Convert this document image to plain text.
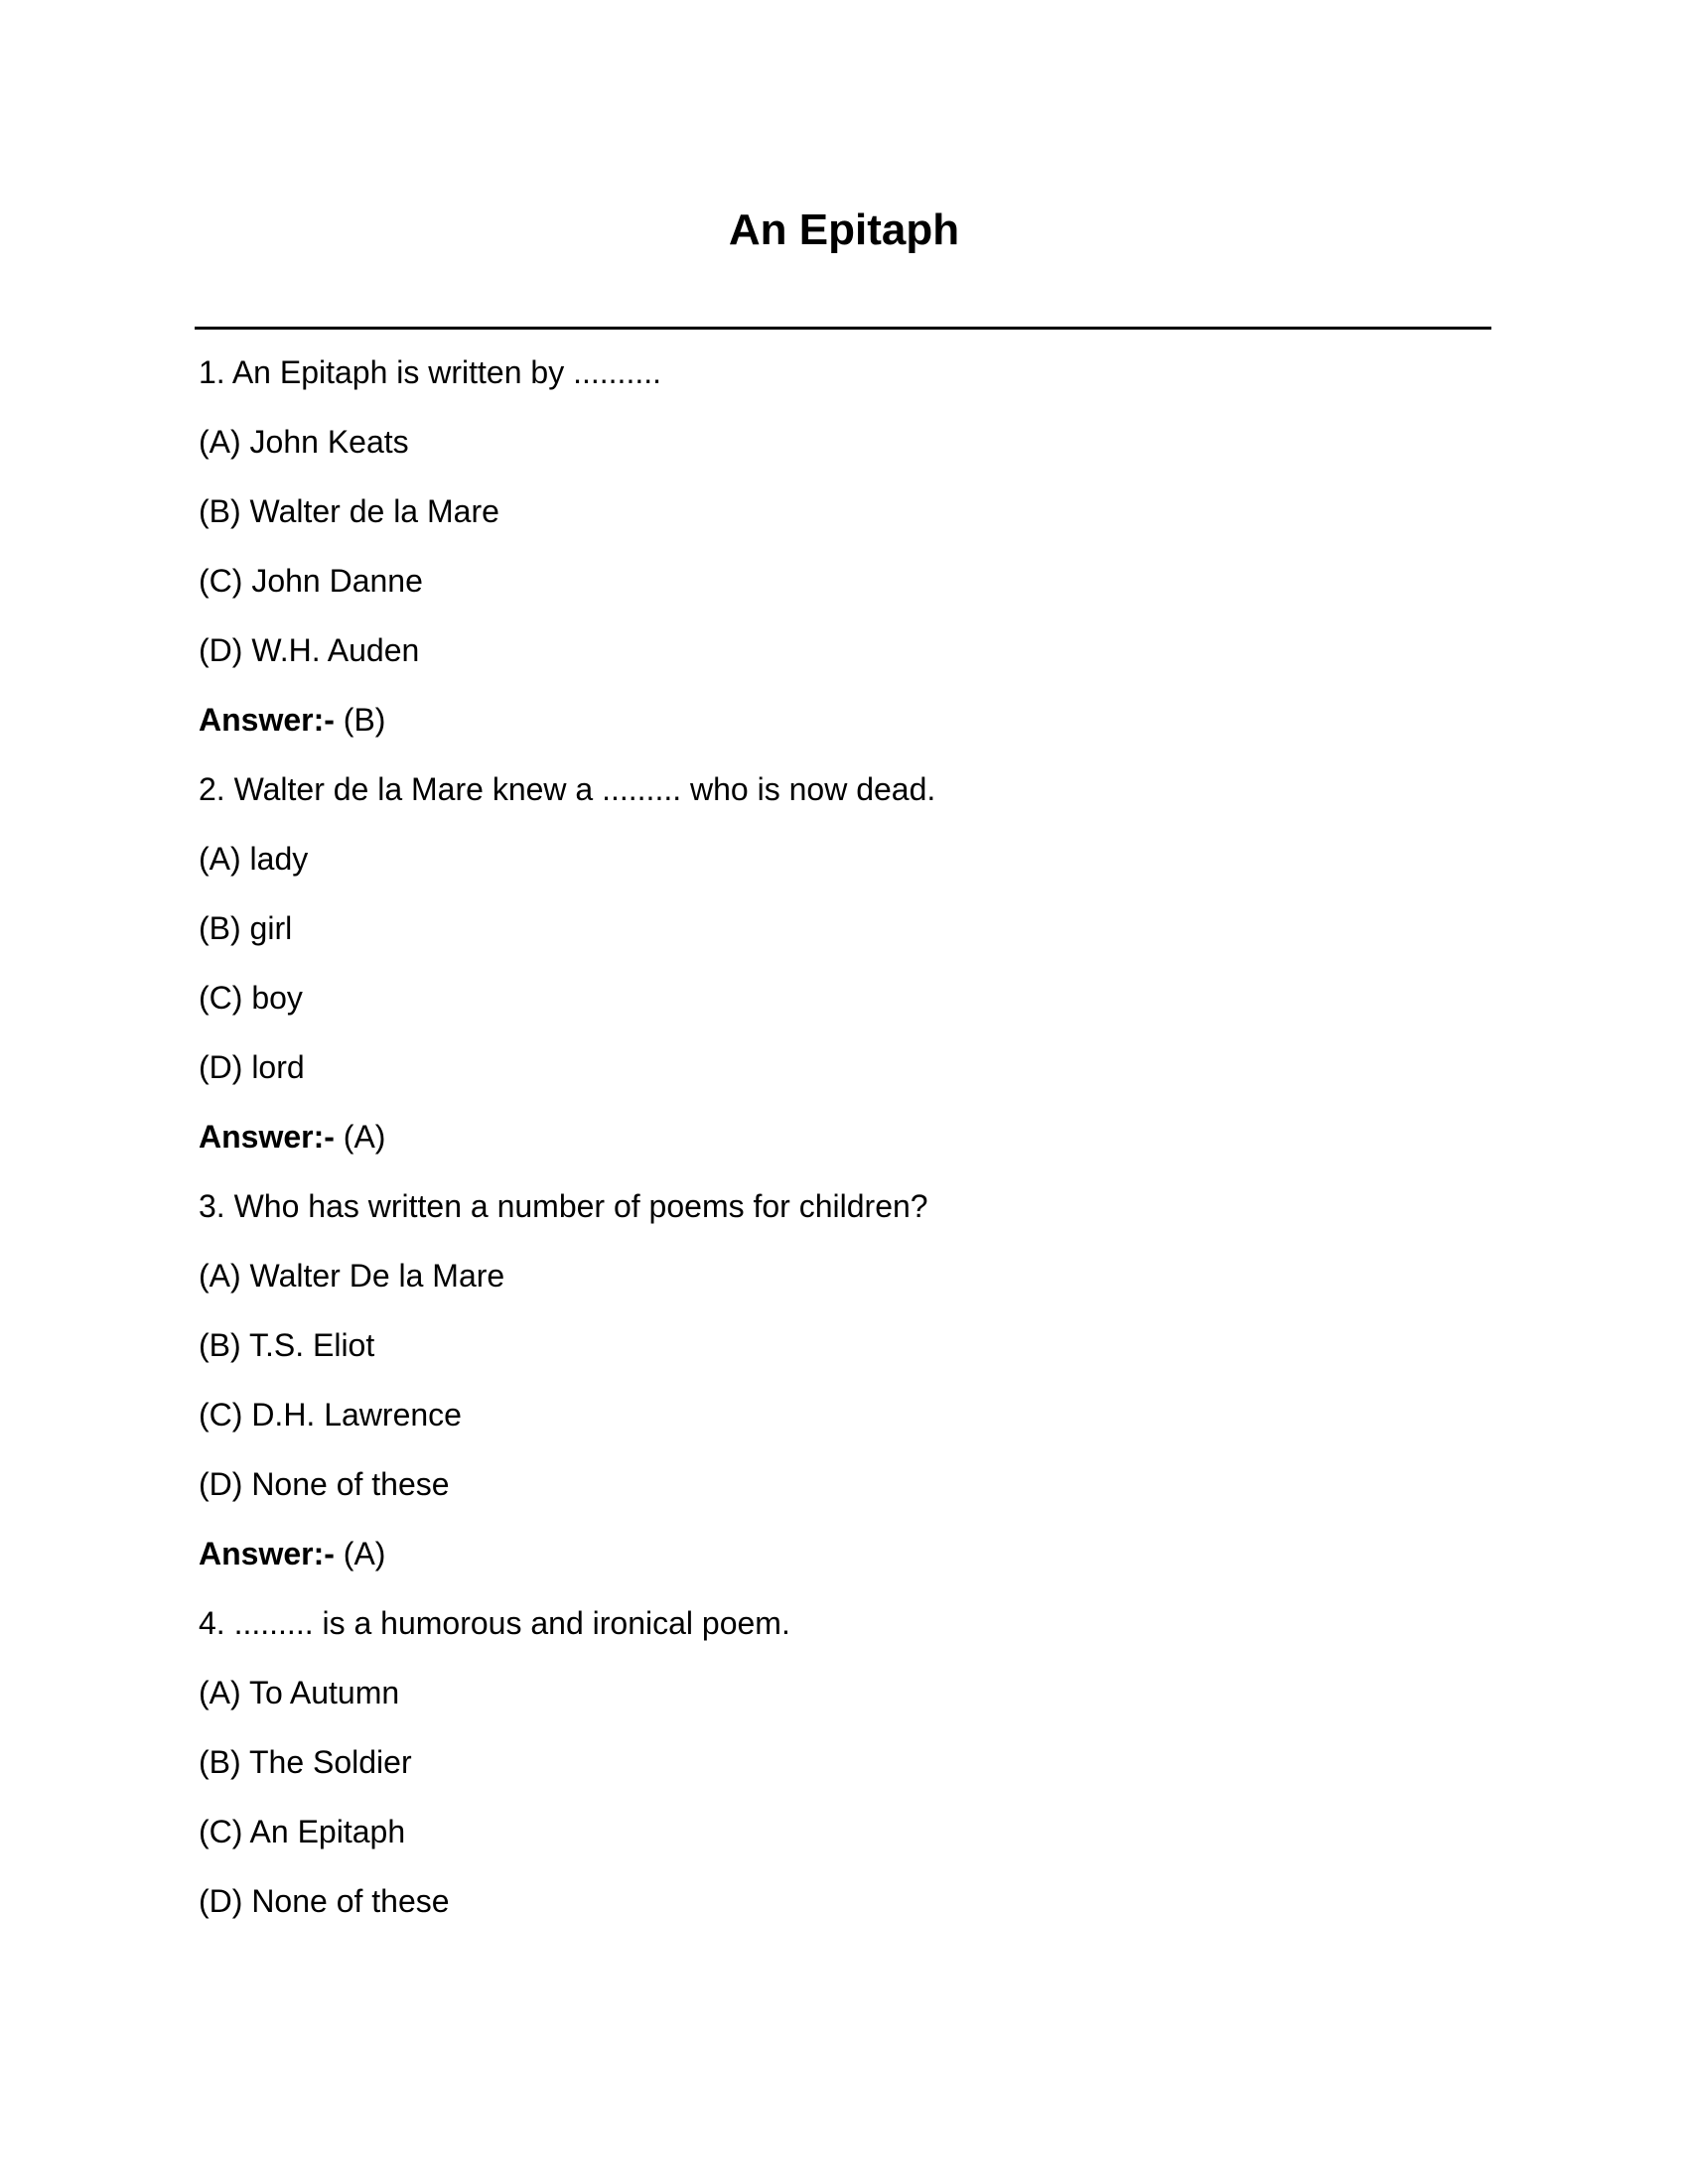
An Epitaph
1. An Epitaph is written by ..........
(A) John Keats
(B) Walter de la Mare
(C) John Danne
(D) W.H. Auden
Answer:- (B)
2. Walter de la Mare knew a ......... who is now dead.
(A) lady
(B) girl
(C) boy
(D) lord
Answer:- (A)
3. Who has written a number of poems for children?
(A) Walter De la Mare
(B) T.S. Eliot
(C) D.H. Lawrence
(D) None of these
Answer:- (A)
4. ......... is a humorous and ironical poem.
(A) To Autumn
(B) The Soldier
(C) An Epitaph
(D) None of these
